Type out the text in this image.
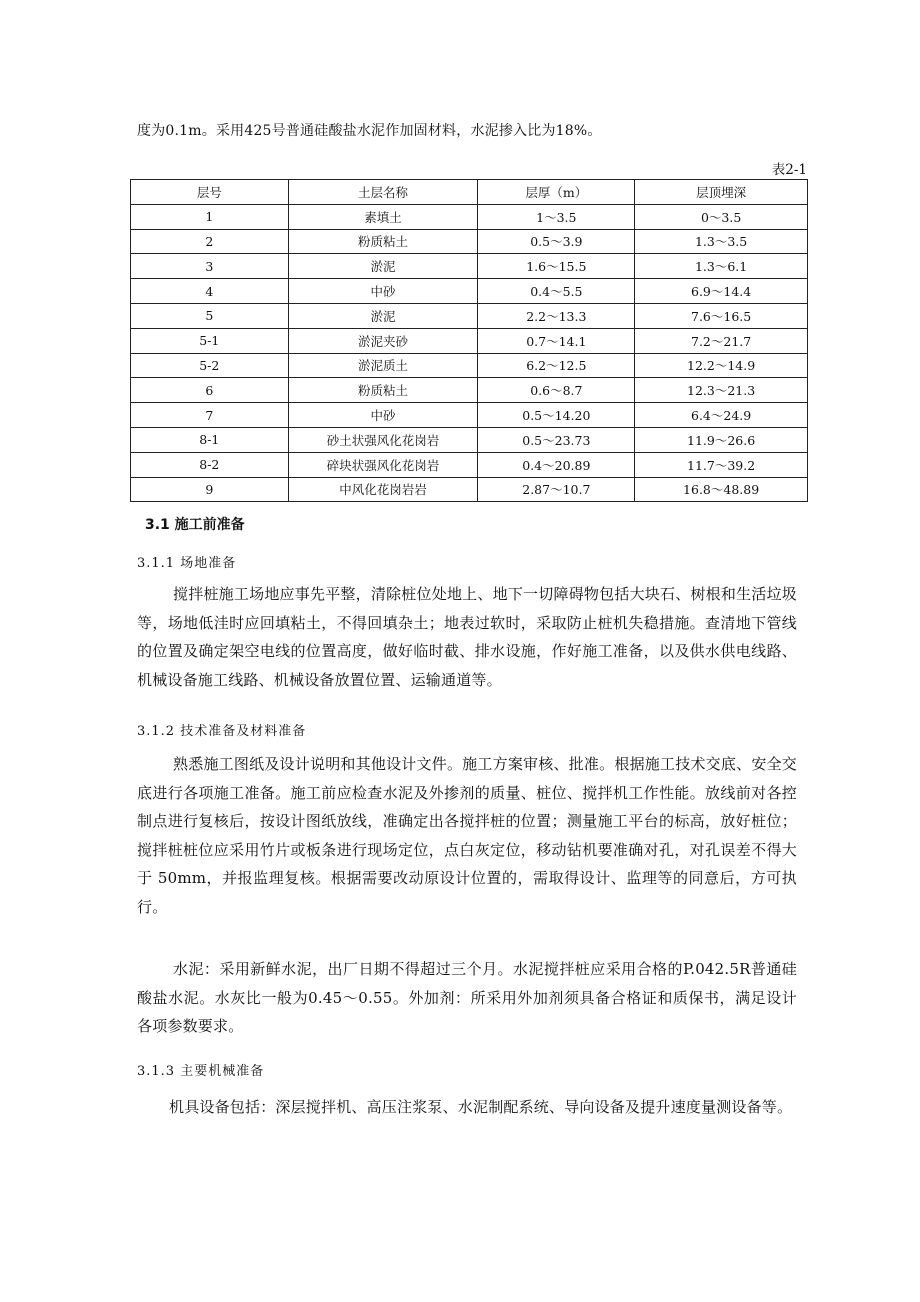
度为0.1m。采用425号普通硅酸盐水泥作加固材料，水泥掺入比为18%。
表2-1
层号	土层名称	层厚（m）	层顶埋深
1	素填土	1～3.5	0～3.5
2	粉质粘土	0.5～3.9	1.3～3.5
3	淤泥	1.6～15.5	1.3～6.1
4	中砂	0.4～5.5	6.9～14.4
5	淤泥	2.2～13.3	7.6～16.5
5-1	淤泥夹砂	0.7～14.1	7.2～21.7
5-2	淤泥质土	6.2～12.5	12.2～14.9
6	粉质粘土	0.6～8.7	12.3～21.3
7	中砂	0.5～14.20	6.4～24.9
8-1	砂土状强风化花岗岩	0.5～23.73	11.9～26.6
8-2	碎块状强风化花岗岩	0.4～20.89	11.7～39.2
9	中风化花岗岩岩	2.87～10.7	16.8～48.89
3.1 施工前准备
3.1.1 场地准备

搅拌桩施工场地应事先平整，清除桩位处地上、地下一切障碍物包括大块石、树根和生活垃圾等，场地低洼时应回填粘土，不得回填杂土；地表过软时，采取防止桩机失稳措施。查清地下管线的位置及确定架空电线的位置高度，做好临时截、排水设施，作好施工准备，以及供水供电线路、机械设备施工线路、机械设备放置位置、运输通道等。

3.1.2 技术准备及材料准备

熟悉施工图纸及设计说明和其他设计文件。施工方案审核、批准。根据施工技术交底、安全交底进行各项施工准备。施工前应检查水泥及外掺剂的质量、桩位、搅拌机工作性能。放线前对各控制点进行复核后，按设计图纸放线，准确定出各搅拌桩的位置；测量施工平台的标高，放好桩位；搅拌桩桩位应采用竹片或板条进行现场定位，点白灰定位，移动钻机要准确对孔，对孔误差不得大于 50mm，并报监理复核。根据需要改动原设计位置的，需取得设计、监理等的同意后，方可执行。

水泥：采用新鲜水泥，出厂日期不得超过三个月。水泥搅拌桩应采用合格的P.042.5R普通硅酸盐水泥。水灰比一般为0.45～0.55。外加剂：所采用外加剂须具备合格证和质保书，满足设计各项参数要求。

3.1.3 主要机械准备

机具设备包括：深层搅拌机、高压注浆泵、水泥制配系统、导向设备及提升速度量测设备等。
